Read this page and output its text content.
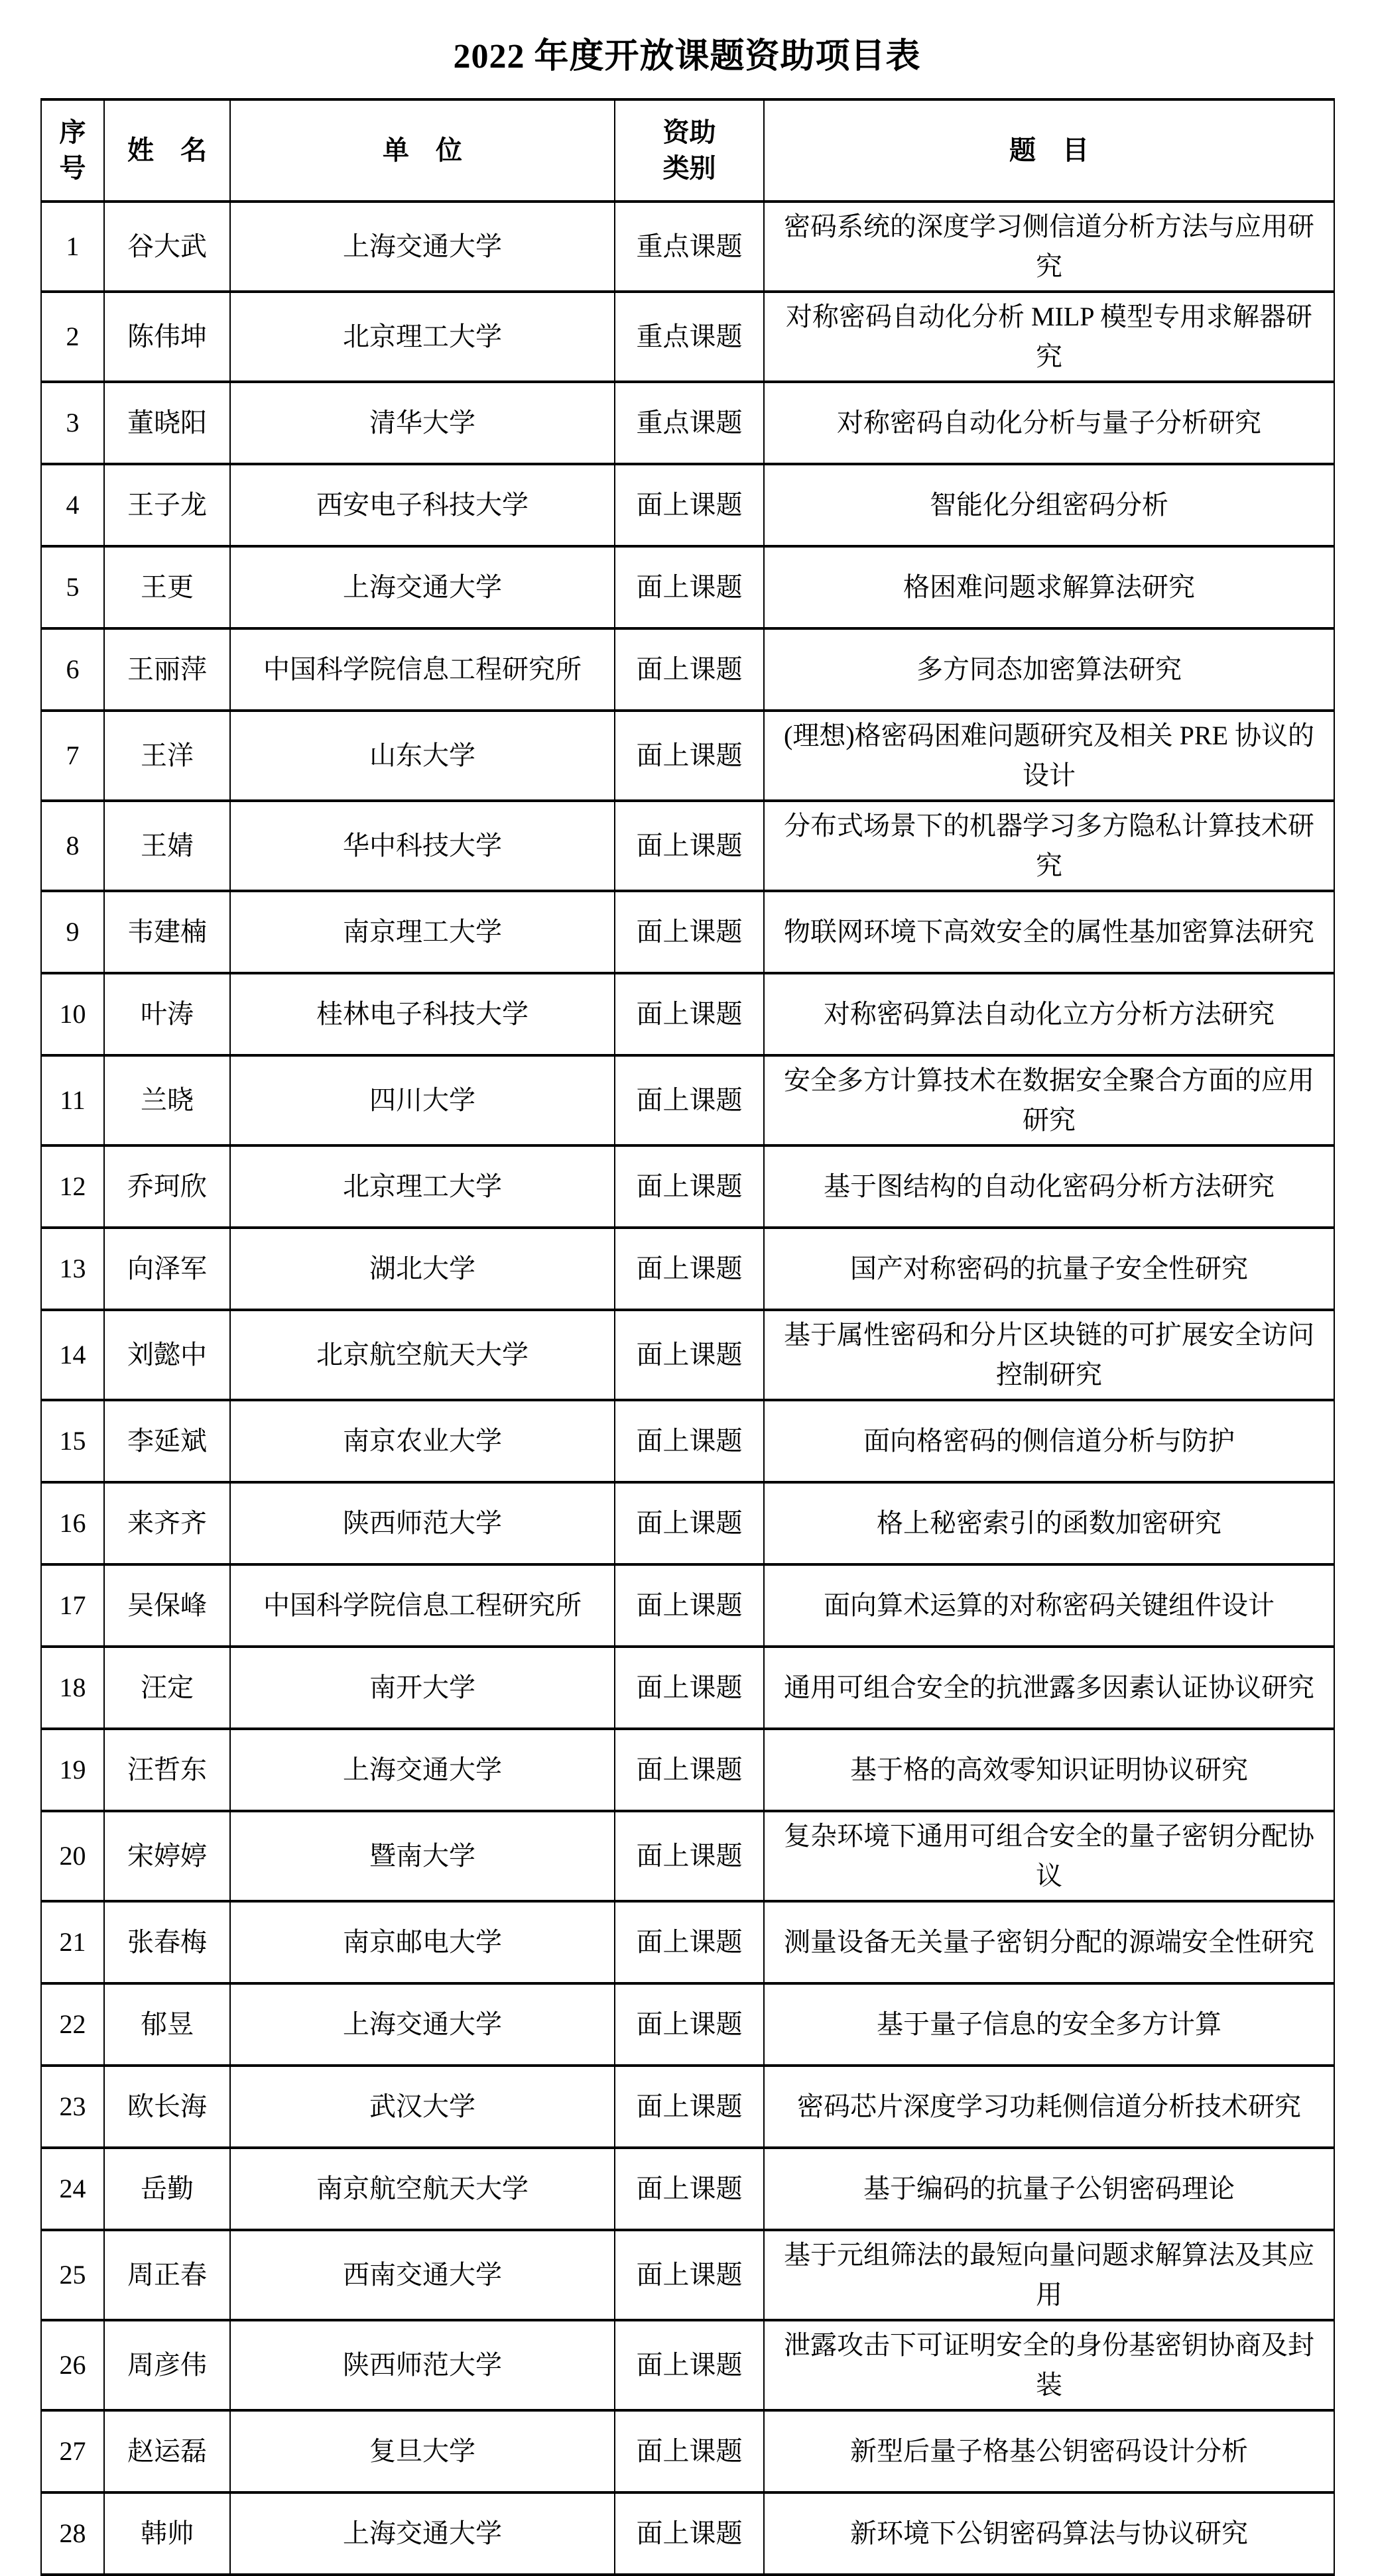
2022 年度开放课题资助项目表
序号	姓　名	单　位	资助类别	题　目
1	谷大武	上海交通大学	重点课题	密码系统的深度学习侧信道分析方法与应用研究
2	陈伟坤	北京理工大学	重点课题	对称密码自动化分析 MILP 模型专用求解器研究
3	董晓阳	清华大学	重点课题	对称密码自动化分析与量子分析研究
4	王子龙	西安电子科技大学	面上课题	智能化分组密码分析
5	王更	上海交通大学	面上课题	格困难问题求解算法研究
6	王丽萍	中国科学院信息工程研究所	面上课题	多方同态加密算法研究
7	王洋	山东大学	面上课题	(理想)格密码困难问题研究及相关 PRE 协议的设计
8	王婧	华中科技大学	面上课题	分布式场景下的机器学习多方隐私计算技术研究
9	韦建楠	南京理工大学	面上课题	物联网环境下高效安全的属性基加密算法研究
10	叶涛	桂林电子科技大学	面上课题	对称密码算法自动化立方分析方法研究
11	兰晓	四川大学	面上课题	安全多方计算技术在数据安全聚合方面的应用研究
12	乔珂欣	北京理工大学	面上课题	基于图结构的自动化密码分析方法研究
13	向泽军	湖北大学	面上课题	国产对称密码的抗量子安全性研究
14	刘懿中	北京航空航天大学	面上课题	基于属性密码和分片区块链的可扩展安全访问控制研究
15	李延斌	南京农业大学	面上课题	面向格密码的侧信道分析与防护
16	来齐齐	陕西师范大学	面上课题	格上秘密索引的函数加密研究
17	吴保峰	中国科学院信息工程研究所	面上课题	面向算术运算的对称密码关键组件设计
18	汪定	南开大学	面上课题	通用可组合安全的抗泄露多因素认证协议研究
19	汪哲东	上海交通大学	面上课题	基于格的高效零知识证明协议研究
20	宋婷婷	暨南大学	面上课题	复杂环境下通用可组合安全的量子密钥分配协议
21	张春梅	南京邮电大学	面上课题	测量设备无关量子密钥分配的源端安全性研究
22	郁昱	上海交通大学	面上课题	基于量子信息的安全多方计算
23	欧长海	武汉大学	面上课题	密码芯片深度学习功耗侧信道分析技术研究
24	岳勤	南京航空航天大学	面上课题	基于编码的抗量子公钥密码理论
25	周正春	西南交通大学	面上课题	基于元组筛法的最短向量问题求解算法及其应用
26	周彦伟	陕西师范大学	面上课题	泄露攻击下可证明安全的身份基密钥协商及封装
27	赵运磊	复旦大学	面上课题	新型后量子格基公钥密码设计分析
28	韩帅	上海交通大学	面上课题	新环境下公钥密码算法与协议研究
